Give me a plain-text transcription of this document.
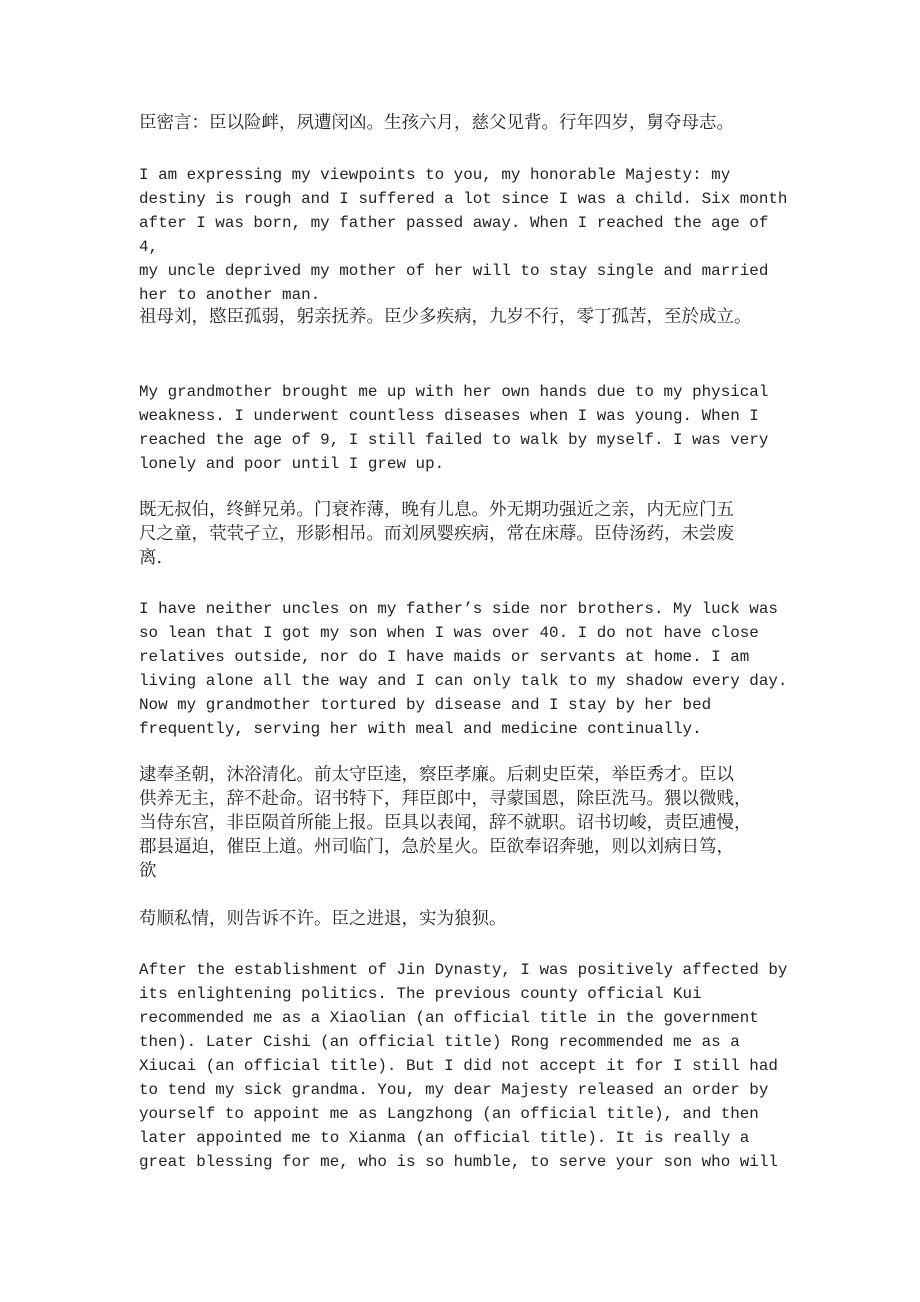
臣密言：臣以险衅，夙遭闵凶。生孩六月，慈父见背。行年四岁，舅夺母志。

I am expressing my viewpoints to you, my honorable Majesty: my
destiny is rough and I suffered a lot since I was a child. Six month
after I was born, my father passed away. When I reached the age of 4,
my uncle deprived my mother of her will to stay single and married
her to another man.

祖母刘，愍臣孤弱，躬亲抚养。臣少多疾病，九岁不行，零丁孤苦，至於成立。

My grandmother brought me up with her own hands due to my physical
weakness. I underwent countless diseases when I was young. When I
reached the age of 9, I still failed to walk by myself. I was very
lonely and poor until I grew up.

既无叔伯，终鲜兄弟。门衰祚薄，晚有儿息。外无期功强近之亲，内无应门五
尺之童，茕茕孑立，形影相吊。而刘夙婴疾病，常在床蓐。臣侍汤药，未尝废
离.

I have neither uncles on my father’s side nor brothers. My luck was
so lean that I got my son when I was over 40. I do not have close
relatives outside, nor do I have maids or servants at home. I am
living alone all the way and I can only talk to my shadow every day.
Now my grandmother tortured by disease and I stay by her bed
frequently, serving her with meal and medicine continually.

逮奉圣朝，沐浴清化。前太守臣逵，察臣孝廉。后刺史臣荣，举臣秀才。臣以
供养无主，辞不赴命。诏书特下，拜臣郎中，寻蒙国恩，除臣洗马。猥以微贱，
当侍东宫，非臣陨首所能上报。臣具以表闻，辞不就职。诏书切峻，责臣逋慢，
郡县逼迫，催臣上道。州司临门，急於星火。臣欲奉诏奔驰，则以刘病日笃，
欲

苟顺私情，则告诉不许。臣之进退，实为狼狈。

After the establishment of Jin Dynasty, I was positively affected by
its enlightening politics. The previous county official Kui
recommended me as a Xiaolian (an official title in the government
then). Later Cishi (an official title) Rong recommended me as a
Xiucai (an official title). But I did not accept it for I still had
to tend my sick grandma. You, my dear Majesty released an order by
yourself to appoint me as Langzhong (an official title), and then
later appointed me to Xianma (an official title). It is really a
great blessing for me, who is so humble, to serve your son who will
